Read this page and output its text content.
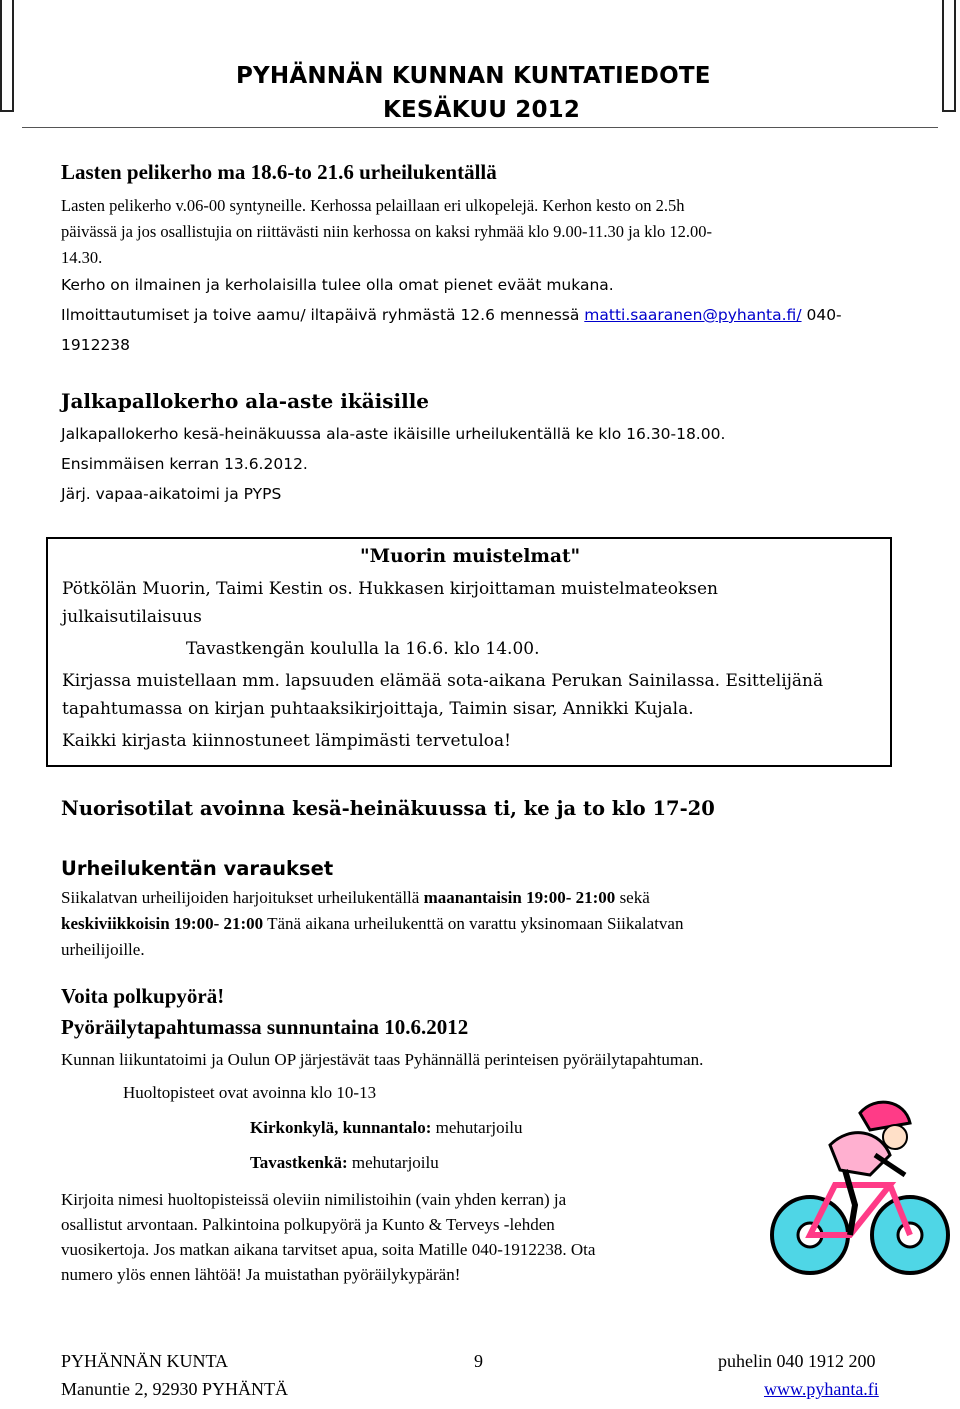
PYHÄNNÄN KUNNAN KUNTATIEDOTE
KESÄKUU 2012
Lasten pelikerho ma 18.6-to 21.6 urheilukentällä
Lasten pelikerho v.06-00 syntyneille. Kerhossa pelaillaan eri ulkopelejä. Kerhon kesto on 2.5h
päivässä ja jos osallistujia on riittävästi niin kerhossa on kaksi ryhmää klo 9.00-11.30 ja klo 12.00-
14.30.
Kerho on ilmainen ja kerholaisilla tulee olla omat pienet eväät mukana.
Ilmoittautumiset ja toive aamu/ iltapäivä ryhmästä 12.6 mennessä matti.saaranen@pyhanta.fi/ 040-
1912238
Jalkapallokerho ala-aste ikäisille
Jalkapallokerho kesä-heinäkuussa ala-aste ikäisille urheilukentällä ke klo 16.30-18.00.
Ensimmäisen kerran 13.6.2012.
Järj. vapaa-aikatoimi ja PYPS
"Muorin muistelmat"
Pötkölän Muorin, Taimi Kestin os. Hukkasen kirjoittaman muistelmateoksen
julkaisutilaisuus
Tavastkengän koululla la 16.6. klo 14.00.
Kirjassa muistellaan mm. lapsuuden elämää sota-aikana Perukan Sainilassa. Esittelijänä
tapahtumassa on kirjan puhtaaksikirjoittaja, Taimin sisar, Annikki Kujala.
Kaikki kirjasta kiinnostuneet lämpimästi tervetuloa!
Nuorisotilat avoinna kesä-heinäkuussa ti, ke ja to klo 17-20
Urheilukentän varaukset
Siikalatvan urheilijoiden harjoitukset urheilukentällä maanantaisin 19:00- 21:00 sekä
keskiviikkoisin 19:00- 21:00 Tänä aikana urheilukenttä on varattu yksinomaan Siikalatvan
urheilijoille.
Voita polkupyörä!
Pyöräilytapahtumassa sunnuntaina 10.6.2012
Kunnan liikuntatoimi ja Oulun OP järjestävät taas Pyhännällä perinteisen pyöräilytapahtuman.
Huoltopisteet ovat avoinna klo 10-13
Kirkonkylä, kunnantalo: mehutarjoilu
Tavastkenkä: mehutarjoilu
Kirjoita nimesi huoltopisteissä oleviin nimilistoihin (vain yhden kerran) ja
osallistut arvontaan. Palkintoina polkupyörä ja Kunto & Terveys -lehden
vuosikertoja. Jos matkan aikana tarvitset apua, soita Matille 040-1912238. Ota
numero ylös ennen lähtöä! Ja muistathan pyöräilykypärän!
PYHÄNNÄN KUNTA	9	puhelin 040 1912 200
Manuntie 2, 92930 PYHÄNTÄ	www.pyhanta.fi
